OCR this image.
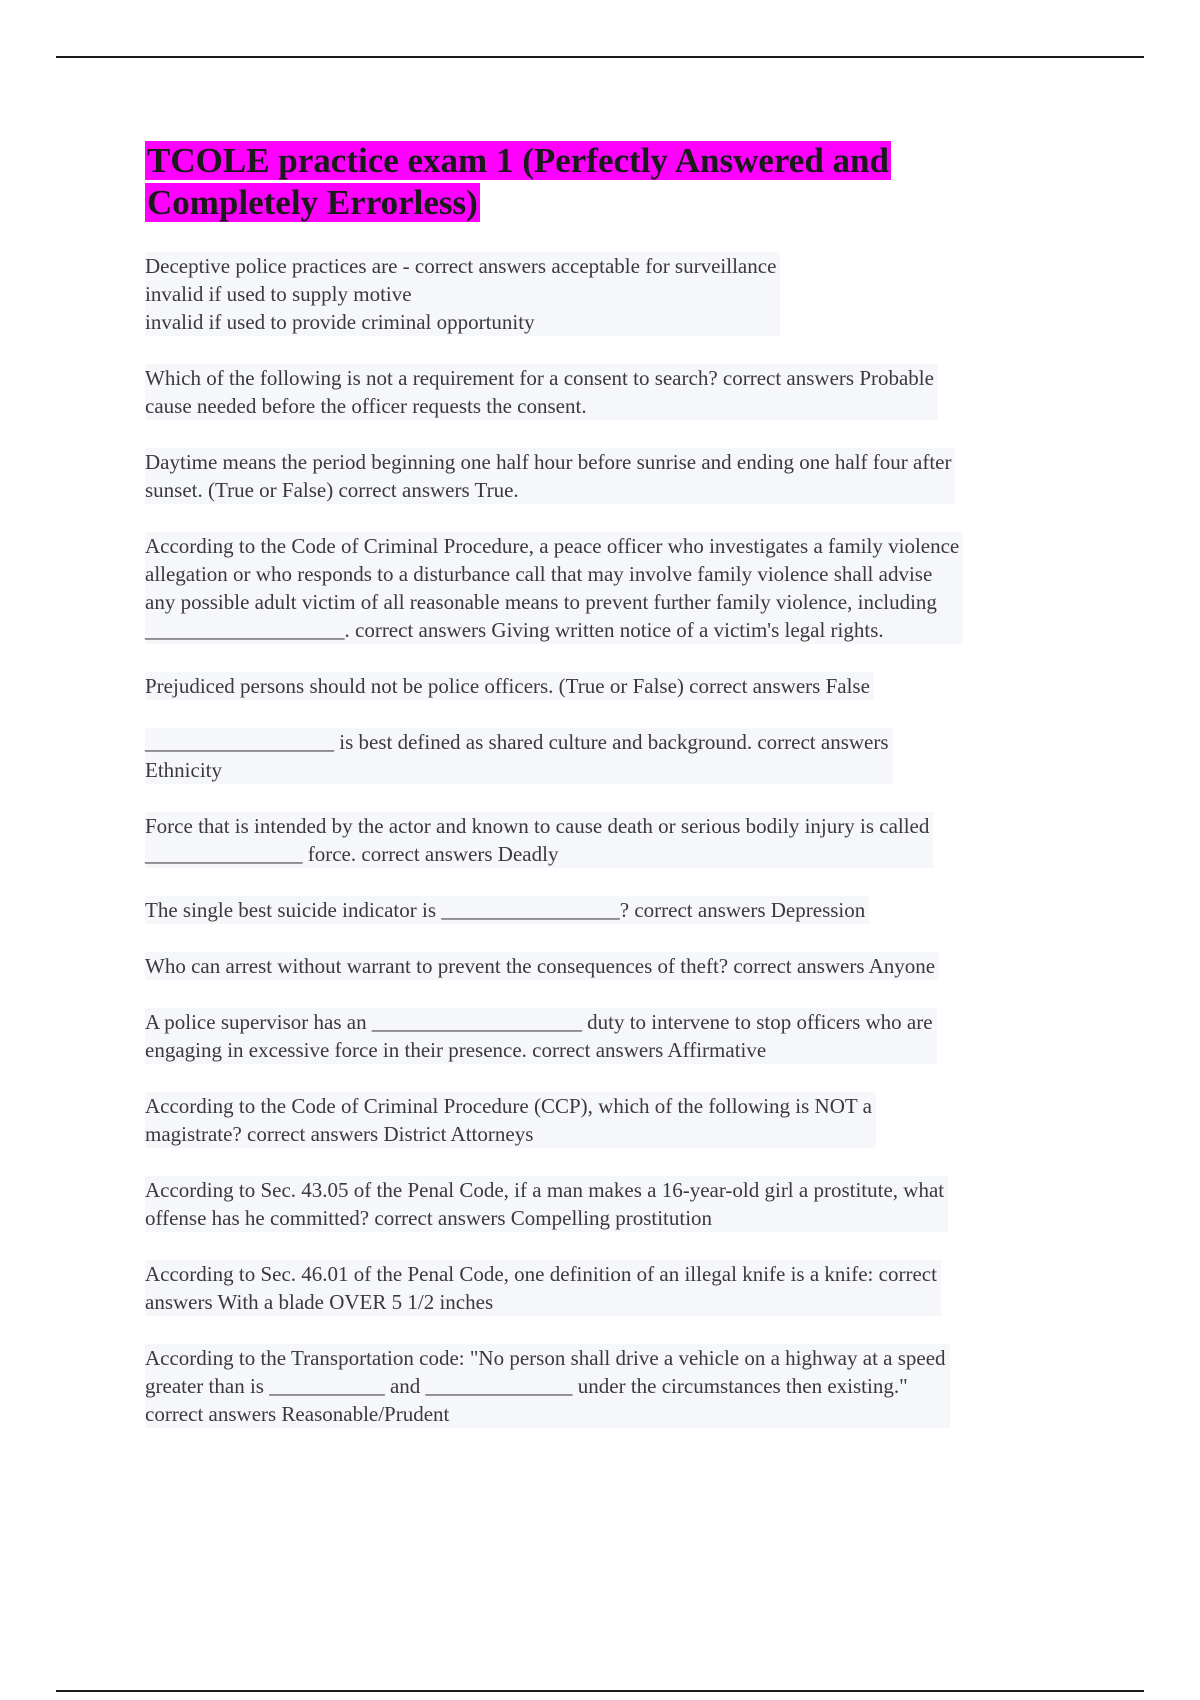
TCOLE practice exam 1 (Perfectly Answered and
Completely Errorless)
Deceptive police practices are - correct answers acceptable for surveillance
invalid if used to supply motive
invalid if used to provide criminal opportunity
Which of the following is not a requirement for a consent to search? correct answers Probable
cause needed before the officer requests the consent.
Daytime means the period beginning one half hour before sunrise and ending one half four after
sunset. (True or False) correct answers True.
According to the Code of Criminal Procedure, a peace officer who investigates a family violence
allegation or who responds to a disturbance call that may involve family violence shall advise
any possible adult victim of all reasonable means to prevent further family violence, including
___________________. correct answers Giving written notice of a victim's legal rights.
Prejudiced persons should not be police officers. (True or False) correct answers False
__________________ is best defined as shared culture and background. correct answers
Ethnicity
Force that is intended by the actor and known to cause death or serious bodily injury is called
_______________ force. correct answers Deadly
The single best suicide indicator is _________________? correct answers Depression
Who can arrest without warrant to prevent the consequences of theft? correct answers Anyone
A police supervisor has an ____________________ duty to intervene to stop officers who are
engaging in excessive force in their presence. correct answers Affirmative
According to the Code of Criminal Procedure (CCP), which of the following is NOT a
magistrate? correct answers District Attorneys
According to Sec. 43.05 of the Penal Code, if a man makes a 16-year-old girl a prostitute, what
offense has he committed? correct answers Compelling prostitution
According to Sec. 46.01 of the Penal Code, one definition of an illegal knife is a knife: correct
answers With a blade OVER 5 1/2 inches
According to the Transportation code: "No person shall drive a vehicle on a highway at a speed
greater than is ___________ and ______________ under the circumstances then existing."
correct answers Reasonable/Prudent
